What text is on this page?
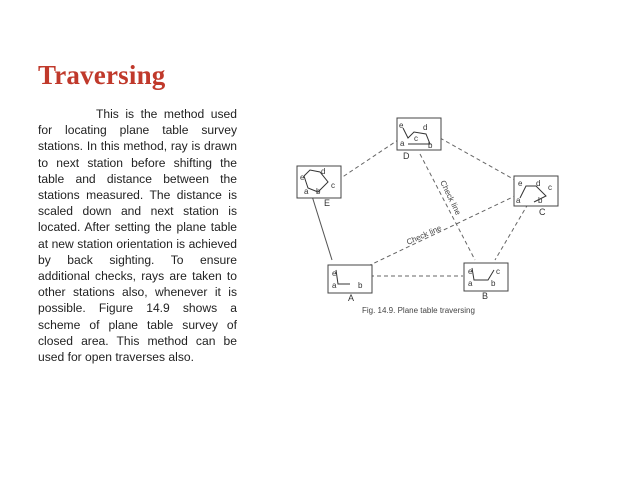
Traversing

This is the method used for locating plane table survey stations. In this method, ray is drawn to next station before shifting the table and distance between the stations measured. The distance is scaled down and next station is located. After setting the plane table at new station orientation is achieved by back sighting. To ensure additional checks, rays are taken to other stations also, whenever it is possible. Figure 14.9 shows a scheme of plane table survey of closed area. This method can be used for open traverses also.

e d
a	b
c
D
e
d
a b
c
E
e d
a b
c
C
e
a	b
A
e
a b
c
B
Check line
Check line
Fig. 14.9. Plane table traversing
